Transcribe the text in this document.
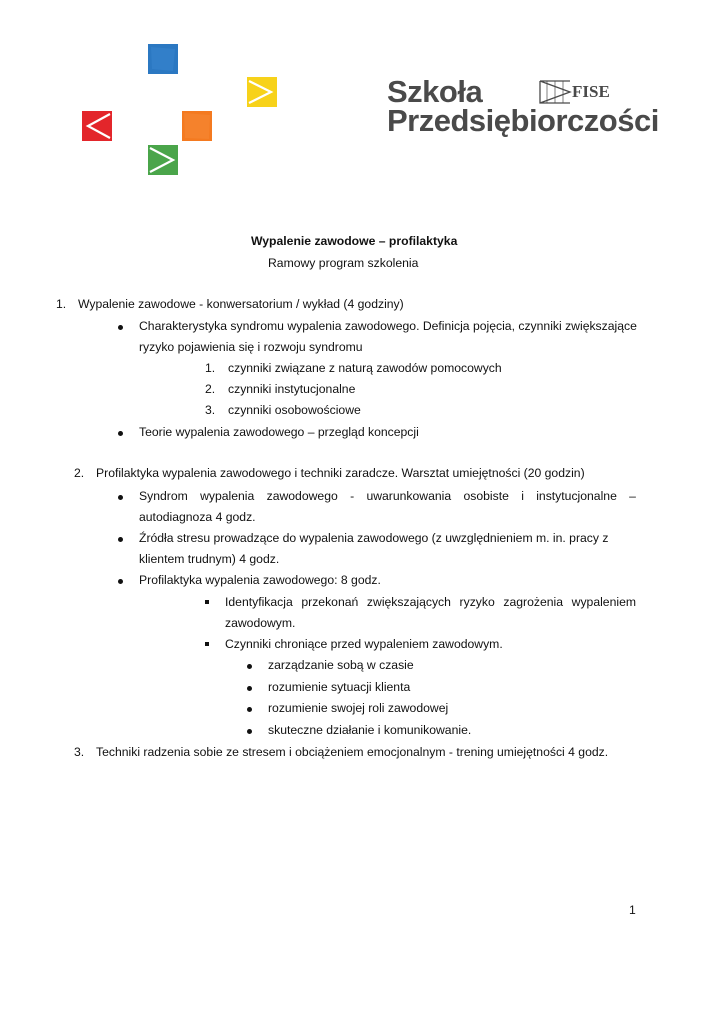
Szkoła
Przedsiębiorczości
FISE
Wypalenie zawodowe – profilaktyka
Ramowy program szkolenia
1. Wypalenie zawodowe - konwersatorium / wykład (4 godziny)
Charakterystyka syndromu wypalenia zawodowego. Definicja pojęcia, czynniki zwiększające
ryzyko pojawienia się i rozwoju syndromu
1. czynniki związane z naturą zawodów pomocowych
2. czynniki instytucjonalne
3. czynniki osobowościowe
Teorie wypalenia zawodowego – przegląd koncepcji
2. Profilaktyka wypalenia zawodowego i techniki zaradcze. Warsztat umiejętności (20 godzin)
Syndrom wypalenia zawodowego - uwarunkowania osobiste i instytucjonalne –
autodiagnoza 4 godz.
Źródła stresu prowadzące do wypalenia zawodowego (z uwzględnieniem m. in. pracy z
klientem trudnym) 4 godz.
Profilaktyka wypalenia zawodowego: 8 godz.
Identyfikacja przekonań zwiększających ryzyko zagrożenia wypaleniem
zawodowym.
Czynniki chroniące przed wypaleniem zawodowym.
zarządzanie sobą w czasie
rozumienie sytuacji klienta
rozumienie swojej roli zawodowej
skuteczne działanie i komunikowanie.
3. Techniki radzenia sobie ze stresem i obciążeniem emocjonalnym - trening umiejętności 4 godz.
1
